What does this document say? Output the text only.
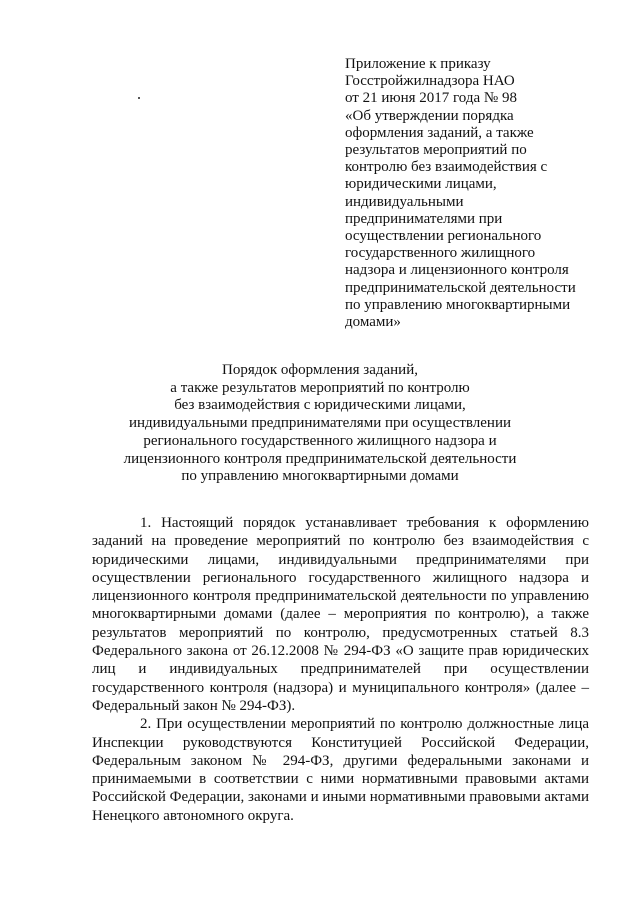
Приложение к приказу
Госстройжилнадзора НАО
от 21 июня 2017 года № 98
«Об утверждении порядка
оформления заданий, а также
результатов мероприятий по
контролю без взаимодействия с
юридическими лицами,
индивидуальными
предпринимателями при
осуществлении регионального
государственного жилищного
надзора и лицензионного контроля
предпринимательской деятельности
по управлению многоквартирными
домами»
Порядок оформления заданий,
а также результатов мероприятий по контролю
без взаимодействия с юридическими лицами,
индивидуальными предпринимателями при осуществлении
регионального государственного жилищного надзора и
лицензионного контроля предпринимательской деятельности
по управлению многоквартирными домами
1. Настоящий порядок устанавливает требования к оформлению
заданий на проведение мероприятий по контролю без взаимодействия с
юридическими лицами, индивидуальными предпринимателями при
осуществлении регионального государственного жилищного надзора и
лицензионного контроля предпринимательской деятельности по управлению
многоквартирными домами (далее – мероприятия по контролю), а также
результатов мероприятий по контролю, предусмотренных статьей 8.3
Федерального закона от 26.12.2008 № 294-ФЗ «О защите прав юридических
лиц и индивидуальных предпринимателей при осуществлении
государственного контроля (надзора) и муниципального контроля» (далее –
Федеральный закон № 294-ФЗ).
2. При осуществлении мероприятий по контролю должностные лица
Инспекции руководствуются Конституцией Российской Федерации,
Федеральным законом № 294-ФЗ, другими федеральными законами и
принимаемыми в соответствии с ними нормативными правовыми актами
Российской Федерации, законами и иными нормативными правовыми актами
Ненецкого автономного округа.
